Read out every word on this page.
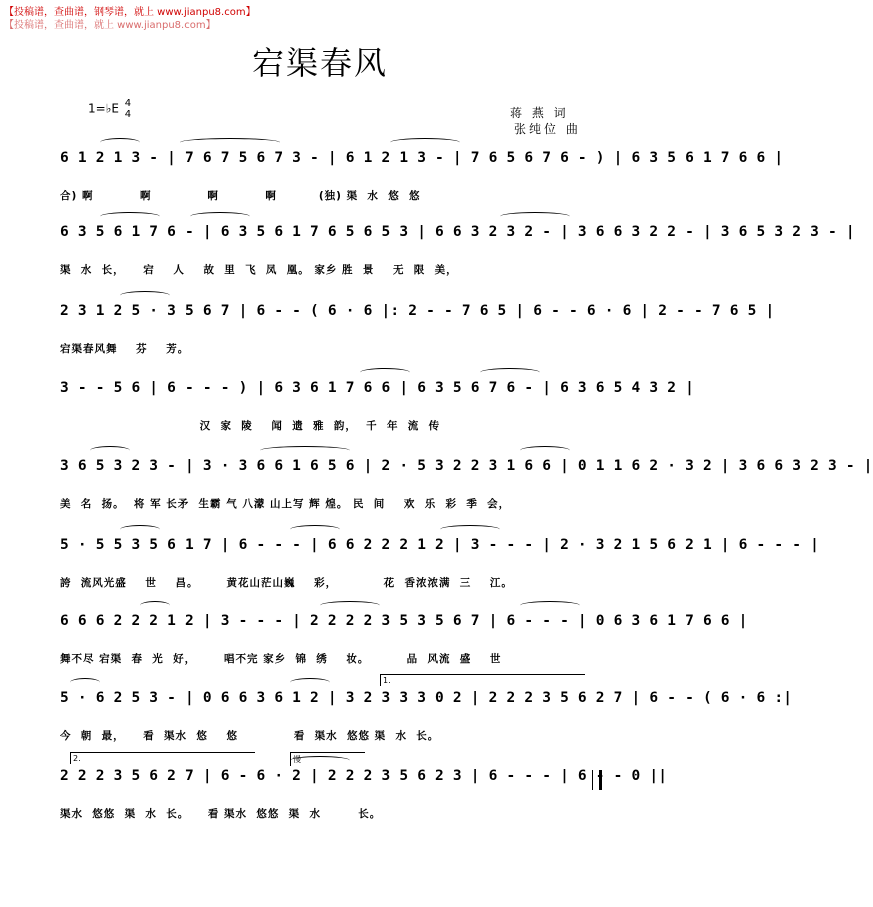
【投稿谱，查曲谱，钢琴谱，就上 www.jianpu8.com】
【投稿谱，查曲谱，就上 www.jianpu8.com】
宕渠春风
1=♭E 4
4	蒋 燕 词
张纯位 曲
6 1 2 1 3 - | 7 6 7 5 6 7 3 - | 6 1 2 1 3 - | 7 6 5 6 7 6 - ) | 6 3 5 6 1 7 6 6 |
合) 啊          啊            啊          啊         (独) 渠  水  悠  悠
6 3 5 6 1 7 6 - | 6 3 5 6 1 7 6 5 6 5 3 | 6 6 3 2 3 2 - | 3 6 6 3 2 2 - | 3 6 5 3 2 3 - |
渠  水  长，    宕    人    故  里  飞  凤  凰。 家乡 胜  景    无  限  美，
2 3 1 2 5 · 3 5 6 7 | 6 - - ( 6 · 6 |: 2 - - 7 6 5 | 6 - - 6 · 6 | 2 - - 7 6 5 |
宕渠春风舞    芬    芳。
3 - - 5 6 | 6 - - - ) | 6 3 6 1 7 6 6 | 6 3 5 6 7 6 - | 6 3 6 5 4 3 2 |
汉  家  陵    闻  遗  雅  韵，  千  年  流  传
3 6 5 3 2 3 - | 3 · 3 6 6 1 6 5 6 | 2 · 5 3 2 2 3 1 6 6 | 0 1 1 6 2 · 3 2 | 3 6 6 3 2 3 - |
美  名  扬。  将 军 长矛  生霸 气 八濛 山上写 辉 煌。 民  间    欢  乐  彩  季  会，
5 · 5 5 3 5 6 1 7 | 6 - - - | 6 6 2 2 2 1 2 | 3 - - - | 2 · 3 2 1 5 6 2 1 | 6 - - - |
誇  流风光盛    世    昌。      黄花山茫山巍    彩，          花  香浓浓满  三    江。
6 6 6 2 2 2 1 2 | 3 - - - | 2 2 2 2 3 5 3 5 6 7 | 6 - - - | 0 6 3 6 1 7 6 6 |
舞不尽 宕渠  春  光  好，      唱不完 家乡  锦  绣    妆。        品  风流  盛    世
1.
5 · 6 2 5 3 - | 0 6 6 3 6 1 2 | 3 2 3 3 3 0 2 | 2 2 2 3 5 6 2 7 | 6 - - ( 6 · 6 :|
今  朝  最，    看  渠水  悠    悠            看  渠水  悠悠 渠  水  长。
2.	慢
2 2 2 3 5 6 2 7 | 6 - 6 · 2 | 2 2 2 3 5 6 2 3 | 6 - - - | 6 - - 0 ||
渠水  悠悠  渠  水  长。    看 渠水  悠悠  渠  水        长。
